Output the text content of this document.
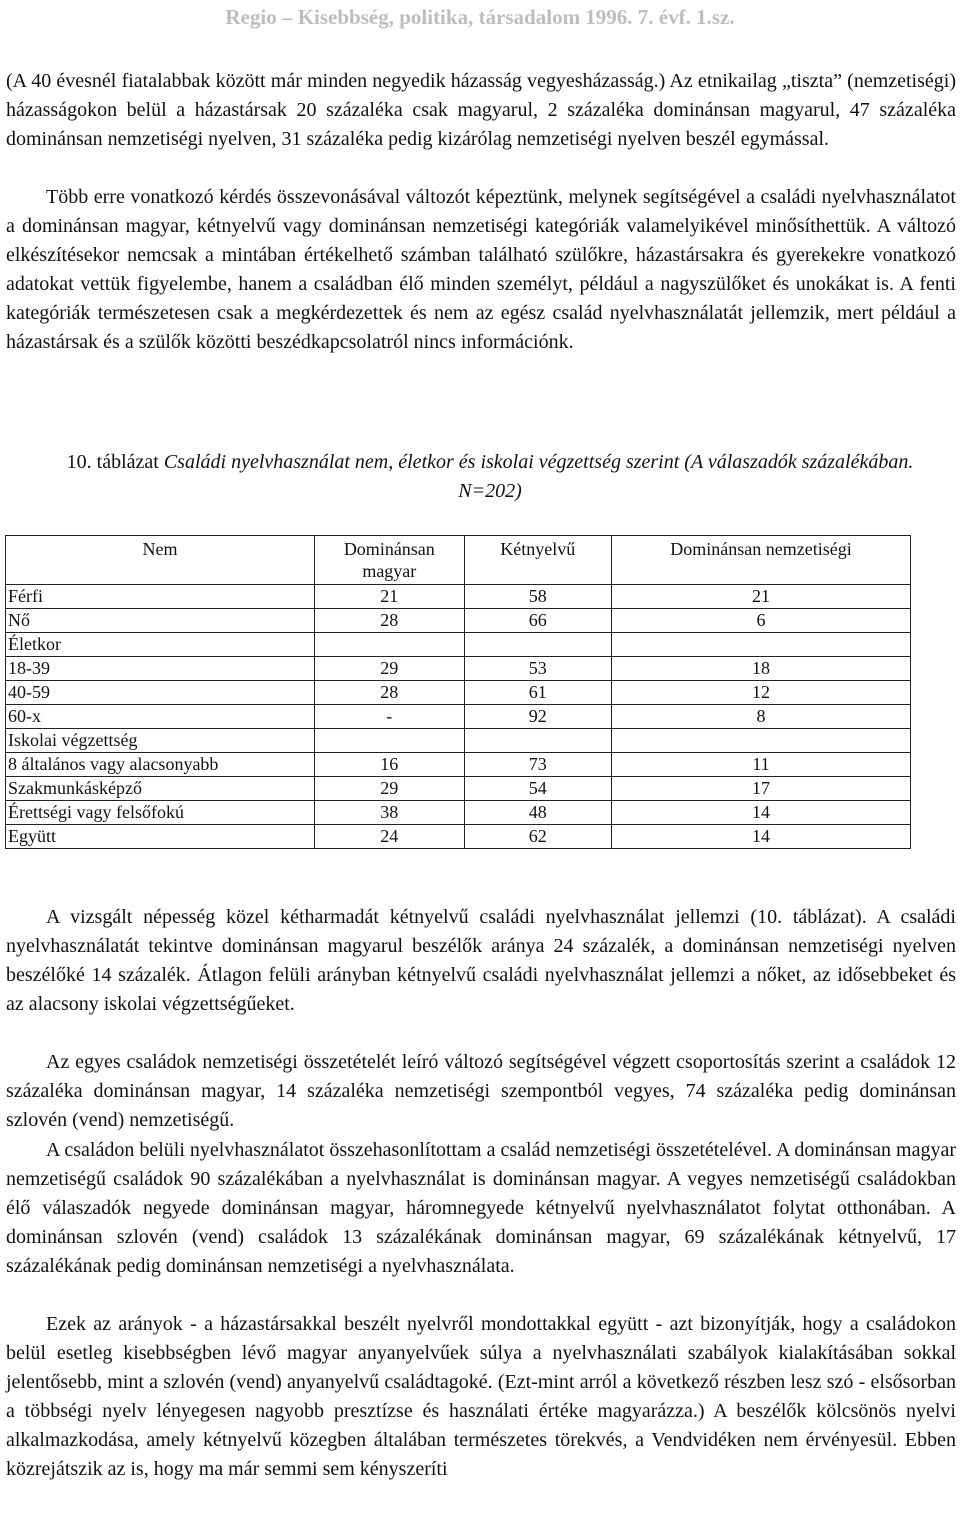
Regio – Kisebbség, politika, társadalom 1996. 7. évf. 1.sz.

(A 40 évesnél fiatalabbak között már minden negyedik házasság vegyesházasság.) Az etnikailag „tiszta” (nemzetiségi) házasságokon belül a házastársak 20 százaléka csak magyarul, 2 százaléka dominánsan magyarul, 47 százaléka dominánsan nemzetiségi nyelven, 31 százaléka pedig kizárólag nemzetiségi nyelven beszél egymással.

Több erre vonatkozó kérdés összevonásával változót képeztünk, melynek segítségével a családi nyelvhasználatot a dominánsan magyar, kétnyelvű vagy dominánsan nemzetiségi kategóriák valamelyikével minősíthettük. A változó elkészítésekor nemcsak a mintában értékelhető számban található szülőkre, házastársakra és gyerekekre vonatkozó adatokat vettük figyelembe, hanem a családban élő minden személyt, például a nagyszülőket és unokákat is. A fenti kategóriák természetesen csak a megkérdezettek és nem az egész család nyelvhasználatát jellemzik, mert például a házastársak és a szülők közötti beszédkapcsolatról nincs információnk.

10. táblázat Családi nyelvhasználat nem, életkor és iskolai végzettség szerint (A válaszadók százalékában. N=202)
Nem	Dominánsan magyar	Kétnyelvű	Dominánsan nemzetiségi
Férfi	21	58	21
Nő	28	66	6
Életkor			
18-39	29	53	18
40-59	28	61	12
60-x	-	92	8
Iskolai végzettség			
8 általános vagy alacsonyabb	16	73	11
Szakmunkásképző	29	54	17
Érettségi vagy felsőfokú	38	48	14
Együtt	24	62	14

A vizsgált népesség közel kétharmadát kétnyelvű családi nyelvhasználat jellemzi (10. táblázat). A családi nyelvhasználatát tekintve dominánsan magyarul beszélők aránya 24 százalék, a dominánsan nemzetiségi nyelven beszélőké 14 százalék. Átlagon felüli arányban kétnyelvű családi nyelvhasználat jellemzi a nőket, az idősebbeket és az alacsony iskolai végzettségűeket.

Az egyes családok nemzetiségi összetételét leíró változó segítségével végzett csoportosítás szerint a családok 12 százaléka dominánsan magyar, 14 százaléka nemzetiségi szempontból vegyes, 74 százaléka pedig dominánsan szlovén (vend) nemzetiségű.

A családon belüli nyelvhasználatot összehasonlítottam a család nemzetiségi összetételével. A dominánsan magyar nemzetiségű családok 90 százalékában a nyelvhasználat is dominánsan magyar. A vegyes nemzetiségű családokban élő válaszadók negyede dominánsan magyar, háromnegyede kétnyelvű nyelvhasználatot folytat otthonában. A dominánsan szlovén (vend) családok 13 százalékának dominánsan magyar, 69 százalékának kétnyelvű, 17 százalékának pedig dominánsan nemzetiségi a nyelvhasználata.

Ezek az arányok - a házastársakkal beszélt nyelvről mondottakkal együtt - azt bizonyítják, hogy a családokon belül esetleg kisebbségben lévő magyar anyanyelvűek súlya a nyelvhasználati szabályok kialakításában sokkal jelentősebb, mint a szlovén (vend) anyanyelvű családtagoké. (Ezt-mint arról a következő részben lesz szó - elsősorban a többségi nyelv lényegesen nagyobb presztízse és használati értéke magyarázza.) A beszélők kölcsönös nyelvi alkalmazkodása, amely kétnyelvű közegben általában természetes törekvés, a Vendvidéken nem érvényesül. Ebben közrejátszik az is, hogy ma már semmi sem kényszeríti
